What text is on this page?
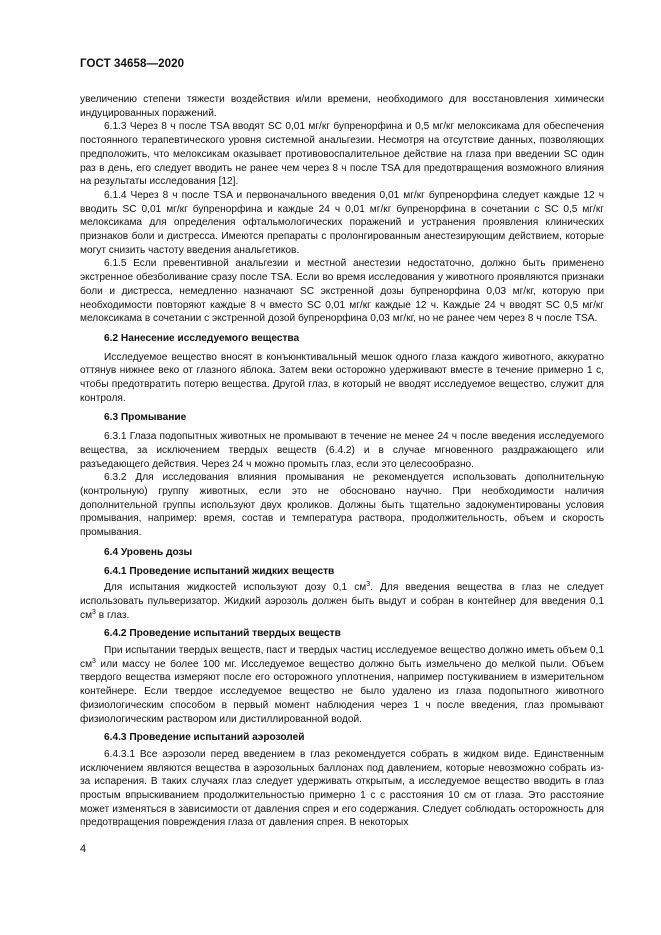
ГОСТ 34658—2020

увеличению степени тяжести воздействия и/или времени, необходимого для восстановления химически индуцированных поражений.

6.1.3 Через 8 ч после TSA вводят SC 0,01 мг/кг бупренорфина и 0,5 мг/кг мелоксикама для обеспечения постоянного терапевтического уровня системной анальгезии. Несмотря на отсутствие данных, позволяющих предположить, что мелоксикам оказывает противовоспалительное действие на глаза при введении SC один раз в день, его следует вводить не ранее чем через 8 ч после TSA для предотвращения возможного влияния на результаты исследования [12].

6.1.4 Через 8 ч после TSA и первоначального введения 0,01 мг/кг бупренорфина следует каждые 12 ч вводить SC 0,01 мг/кг бупренорфина и каждые 24 ч 0,01 мг/кг бупренорфина в сочетании с SC 0,5 мг/кг мелоксикама для определения офтальмологических поражений и устранения проявления клинических признаков боли и дистресса. Имеются препараты с пролонгированным анестезирующим действием, которые могут снизить частоту введения анальгетиков.

6.1.5 Если превентивной анальгезии и местной анестезии недостаточно, должно быть применено экстренное обезболивание сразу после TSA. Если во время исследования у животного проявляются признаки боли и дистресса, немедленно назначают SC экстренной дозы бупренорфина 0,03 мг/кг, которую при необходимости повторяют каждые 8 ч вместо SC 0,01 мг/кг каждые 12 ч. Каждые 24 ч вводят SC 0,5 мг/кг мелоксикама в сочетании с экстренной дозой бупренорфина 0,03 мг/кг, но не ранее чем через 8 ч после TSA.

6.2 Нанесение исследуемого вещества

Исследуемое вещество вносят в конъюнктивальный мешок одного глаза каждого животного, аккуратно оттянув нижнее веко от глазного яблока. Затем веки осторожно удерживают вместе в течение примерно 1 с, чтобы предотвратить потерю вещества. Другой глаз, в который не вводят исследуемое вещество, служит для контроля.

6.3 Промывание

6.3.1 Глаза подопытных животных не промывают в течение не менее 24 ч после введения исследуемого вещества, за исключением твердых веществ (6.4.2) и в случае мгновенного раздражающего или разъедающего действия. Через 24 ч можно промыть глаз, если это целесообразно.

6.3.2 Для исследования влияния промывания не рекомендуется использовать дополнительную (контрольную) группу животных, если это не обосновано научно. При необходимости наличия дополнительной группы используют двух кроликов. Должны быть тщательно задокументированы условия промывания, например: время, состав и температура раствора, продолжительность, объем и скорость промывания.

6.4 Уровень дозы

6.4.1 Проведение испытаний жидких веществ

Для испытания жидкостей используют дозу 0,1 $см^3$. Для введения вещества в глаз не следует использовать пульверизатор. Жидкий аэрозоль должен быть выдут и собран в контейнер для введения 0,1 $см^3$ в глаз.

6.4.2 Проведение испытаний твердых веществ

При испытании твердых веществ, паст и твердых частиц исследуемое вещество должно иметь объем 0,1 $см^3$ или массу не более 100 мг. Исследуемое вещество должно быть измельчено до мелкой пыли. Объем твердого вещества измеряют после его осторожного уплотнения, например постукиванием в измерительном контейнере. Если твердое исследуемое вещество не было удалено из глаза подопытного животного физиологическим способом в первый момент наблюдения через 1 ч после введения, глаз промывают физиологическим раствором или дистиллированной водой.

6.4.3 Проведение испытаний аэрозолей

6.4.3.1 Все аэрозоли перед введением в глаз рекомендуется собрать в жидком виде. Единственным исключением являются вещества в аэрозольных баллонах под давлением, которые невозможно собрать из-за испарения. В таких случаях глаз следует удерживать открытым, а исследуемое вещество вводить в глаз простым впрыскиванием продолжительностью примерно 1 с с расстояния 10 см от глаза. Это расстояние может изменяться в зависимости от давления спрея и его содержания. Следует соблюдать осторожность для предотвращения повреждения глаза от давления спрея. В некоторых

4
